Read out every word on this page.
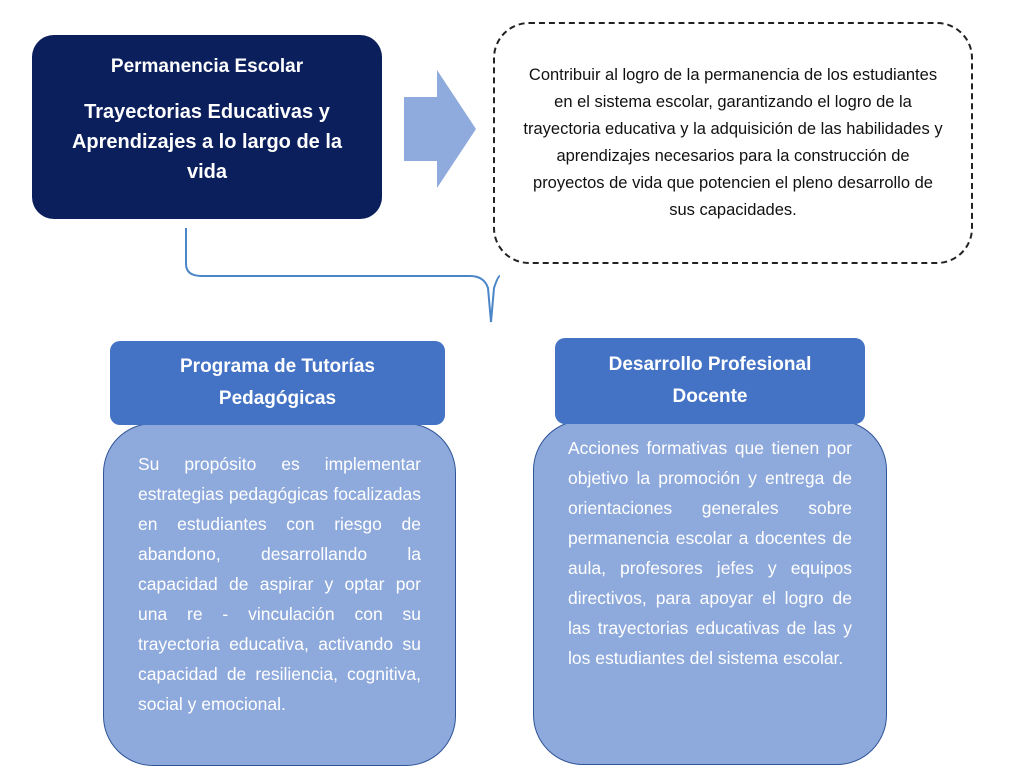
Permanencia Escolar

Trayectorias Educativas y Aprendizajes a lo largo de la vida

Contribuir al logro de la permanencia de los estudiantes en el sistema escolar, garantizando el logro de la trayectoria educativa y la adquisición de las habilidades y aprendizajes necesarios para la construcción de proyectos de vida que potencien el pleno desarrollo de sus capacidades.
Programa de Tutorías Pedagógicas
Su propósito es implementar estrategias pedagógicas focalizadas en estudiantes con riesgo de abandono, desarrollando la capacidad de aspirar y optar por una re - vinculación con su trayectoria educativa, activando su capacidad de resiliencia, cognitiva, social y emocional.
Desarrollo Profesional Docente
Acciones formativas que tienen por objetivo la promoción y entrega de orientaciones generales sobre permanencia escolar a docentes de aula, profesores jefes y equipos directivos, para apoyar el logro de las trayectorias educativas de las y los estudiantes del sistema escolar.
